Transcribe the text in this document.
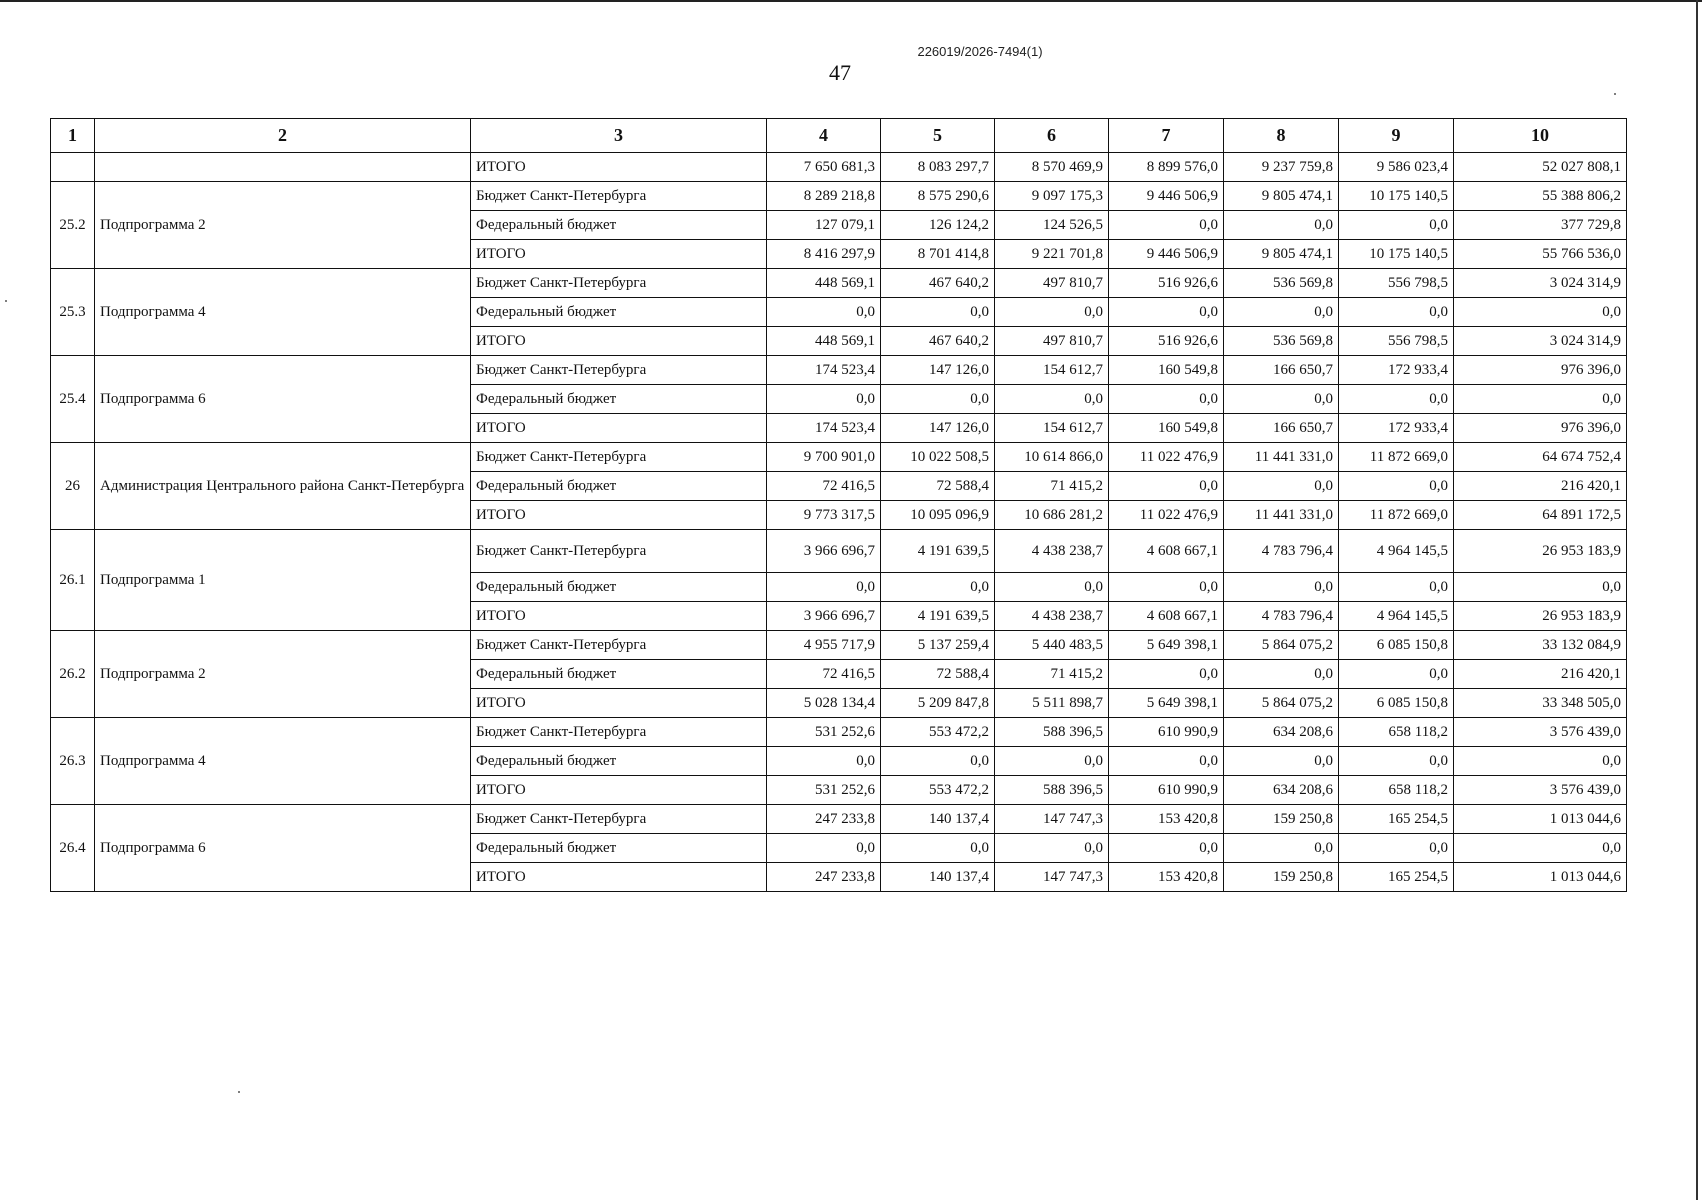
226019/2026-7494(1)
47
1	2	3	4	5	6	7	8	9	10
		ИТОГО	7 650 681,3	8 083 297,7	8 570 469,9	8 899 576,0	9 237 759,8	9 586 023,4	52 027 808,1
25.2	Подпрограмма 2	Бюджет Санкт-Петербурга	8 289 218,8	8 575 290,6	9 097 175,3	9 446 506,9	9 805 474,1	10 175 140,5	55 388 806,2
		Федеральный бюджет	127 079,1	126 124,2	124 526,5	0,0	0,0	0,0	377 729,8
		ИТОГО	8 416 297,9	8 701 414,8	9 221 701,8	9 446 506,9	9 805 474,1	10 175 140,5	55 766 536,0
25.3	Подпрограмма 4	Бюджет Санкт-Петербурга	448 569,1	467 640,2	497 810,7	516 926,6	536 569,8	556 798,5	3 024 314,9
		Федеральный бюджет	0,0	0,0	0,0	0,0	0,0	0,0	0,0
		ИТОГО	448 569,1	467 640,2	497 810,7	516 926,6	536 569,8	556 798,5	3 024 314,9
25.4	Подпрограмма 6	Бюджет Санкт-Петербурга	174 523,4	147 126,0	154 612,7	160 549,8	166 650,7	172 933,4	976 396,0
		Федеральный бюджет	0,0	0,0	0,0	0,0	0,0	0,0	0,0
		ИТОГО	174 523,4	147 126,0	154 612,7	160 549,8	166 650,7	172 933,4	976 396,0
26	Администрация Центрального района Санкт-Петербурга	Бюджет Санкт-Петербурга	9 700 901,0	10 022 508,5	10 614 866,0	11 022 476,9	11 441 331,0	11 872 669,0	64 674 752,4
		Федеральный бюджет	72 416,5	72 588,4	71 415,2	0,0	0,0	0,0	216 420,1
		ИТОГО	9 773 317,5	10 095 096,9	10 686 281,2	11 022 476,9	11 441 331,0	11 872 669,0	64 891 172,5
26.1	Подпрограмма 1	Бюджет Санкт-Петербурга	3 966 696,7	4 191 639,5	4 438 238,7	4 608 667,1	4 783 796,4	4 964 145,5	26 953 183,9
		Федеральный бюджет	0,0	0,0	0,0	0,0	0,0	0,0	0,0
		ИТОГО	3 966 696,7	4 191 639,5	4 438 238,7	4 608 667,1	4 783 796,4	4 964 145,5	26 953 183,9
26.2	Подпрограмма 2	Бюджет Санкт-Петербурга	4 955 717,9	5 137 259,4	5 440 483,5	5 649 398,1	5 864 075,2	6 085 150,8	33 132 084,9
		Федеральный бюджет	72 416,5	72 588,4	71 415,2	0,0	0,0	0,0	216 420,1
		ИТОГО	5 028 134,4	5 209 847,8	5 511 898,7	5 649 398,1	5 864 075,2	6 085 150,8	33 348 505,0
26.3	Подпрограмма 4	Бюджет Санкт-Петербурга	531 252,6	553 472,2	588 396,5	610 990,9	634 208,6	658 118,2	3 576 439,0
		Федеральный бюджет	0,0	0,0	0,0	0,0	0,0	0,0	0,0
		ИТОГО	531 252,6	553 472,2	588 396,5	610 990,9	634 208,6	658 118,2	3 576 439,0
26.4	Подпрограмма 6	Бюджет Санкт-Петербурга	247 233,8	140 137,4	147 747,3	153 420,8	159 250,8	165 254,5	1 013 044,6
		Федеральный бюджет	0,0	0,0	0,0	0,0	0,0	0,0	0,0
		ИТОГО	247 233,8	140 137,4	147 747,3	153 420,8	159 250,8	165 254,5	1 013 044,6
